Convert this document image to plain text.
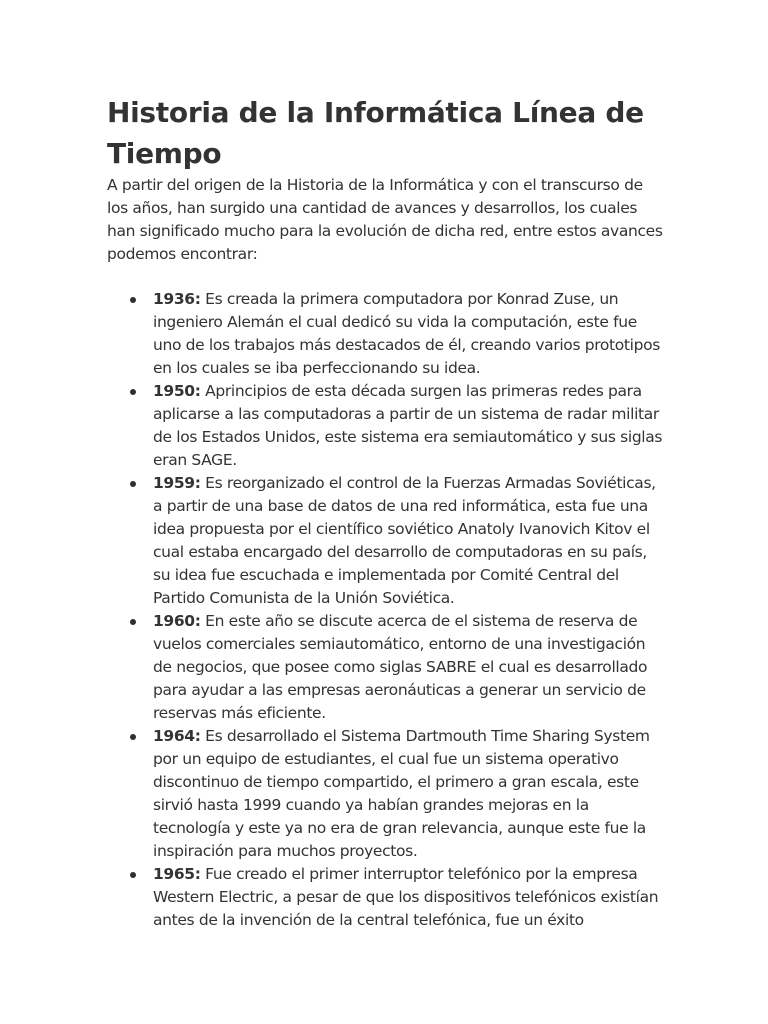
Historia de la Informática Línea de Tiempo

A partir del origen de la Historia de la Informática y con el transcurso de los años, han surgido una cantidad de avances y desarrollos, los cuales han significado mucho para la evolución de dicha red, entre estos avances podemos encontrar:

1936: Es creada la primera computadora por Konrad Zuse, un ingeniero Alemán el cual dedicó su vida la computación, este fue uno de los trabajos más destacados de él, creando varios prototipos en los cuales se iba perfeccionando su idea.
1950: Aprincipios de esta década surgen las primeras redes para aplicarse a las computadoras a partir de un sistema de radar militar de los Estados Unidos, este sistema era semiautomático y sus siglas eran SAGE.
1959: Es reorganizado el control de la Fuerzas Armadas Soviéticas, a partir de una base de datos de una red informática, esta fue una idea propuesta por el científico soviético Anatoly Ivanovich Kitov el cual estaba encargado del desarrollo de computadoras en su país, su idea fue escuchada e implementada por Comité Central del Partido Comunista de la Unión Soviética.
1960: En este año se discute acerca de el sistema de reserva de vuelos comerciales semiautomático, entorno de una investigación de negocios, que posee como siglas SABRE el cual es desarrollado para ayudar a las empresas aeronáuticas a generar un servicio de reservas más eficiente.
1964: Es desarrollado el Sistema Dartmouth Time Sharing System por un equipo de estudiantes, el cual fue un sistema operativo discontinuo de tiempo compartido, el primero a gran escala, este sirvió hasta 1999 cuando ya habían grandes mejoras en la tecnología y este ya no era de gran relevancia, aunque este fue la inspiración para muchos proyectos.
1965: Fue creado el primer interruptor telefónico por la empresa Western Electric, a pesar de que los dispositivos telefónicos existían antes de la invención de la central telefónica, fue un éxito
